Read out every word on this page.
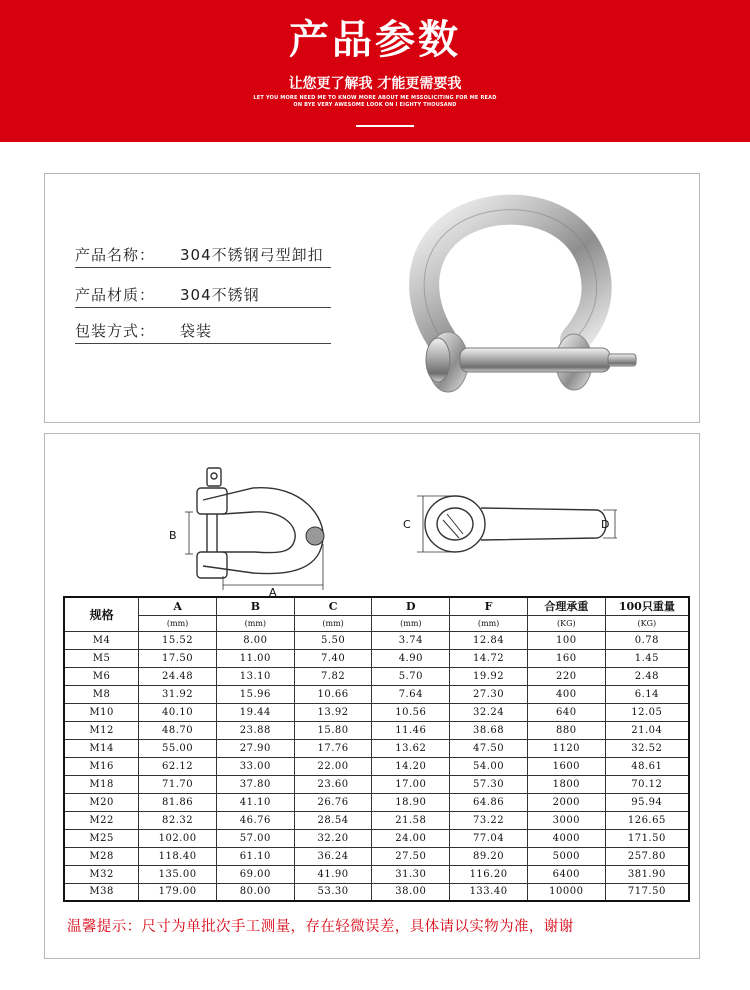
产品参数
让您更了解我 才能更需要我
LET YOU MORE NEED ME TO KNOW MORE ABOUT ME MSSOLICITING FOR ME READ
ON BYE VERY AWESOME LOOK ON I EIGHTY THOUSAND
产品名称： 304不锈钢弓型卸扣
产品材质： 304不锈钢
包装方式： 袋装
B
A
C	D
规格	A	B	C	D	F	合理承重	100只重量
	(mm)	(mm)	(mm)	(mm)	(mm)	(KG)	(KG)
M4	15.52	8.00	5.50	3.74	12.84	100	0.78
M5	17.50	11.00	7.40	4.90	14.72	160	1.45
M6	24.48	13.10	7.82	5.70	19.92	220	2.48
M8	31.92	15.96	10.66	7.64	27.30	400	6.14
M10	40.10	19.44	13.92	10.56	32.24	640	12.05
M12	48.70	23.88	15.80	11.46	38.68	880	21.04
M14	55.00	27.90	17.76	13.62	47.50	1120	32.52
M16	62.12	33.00	22.00	14.20	54.00	1600	48.61
M18	71.70	37.80	23.60	17.00	57.30	1800	70.12
M20	81.86	41.10	26.76	18.90	64.86	2000	95.94
M22	82.32	46.76	28.54	21.58	73.22	3000	126.65
M25	102.00	57.00	32.20	24.00	77.04	4000	171.50
M28	118.40	61.10	36.24	27.50	89.20	5000	257.80
M32	135.00	69.00	41.90	31.30	116.20	6400	381.90
M38	179.00	80.00	53.30	38.00	133.40	10000	717.50
温馨提示：尺寸为单批次手工测量，存在轻微误差，具体请以实物为准，谢谢
